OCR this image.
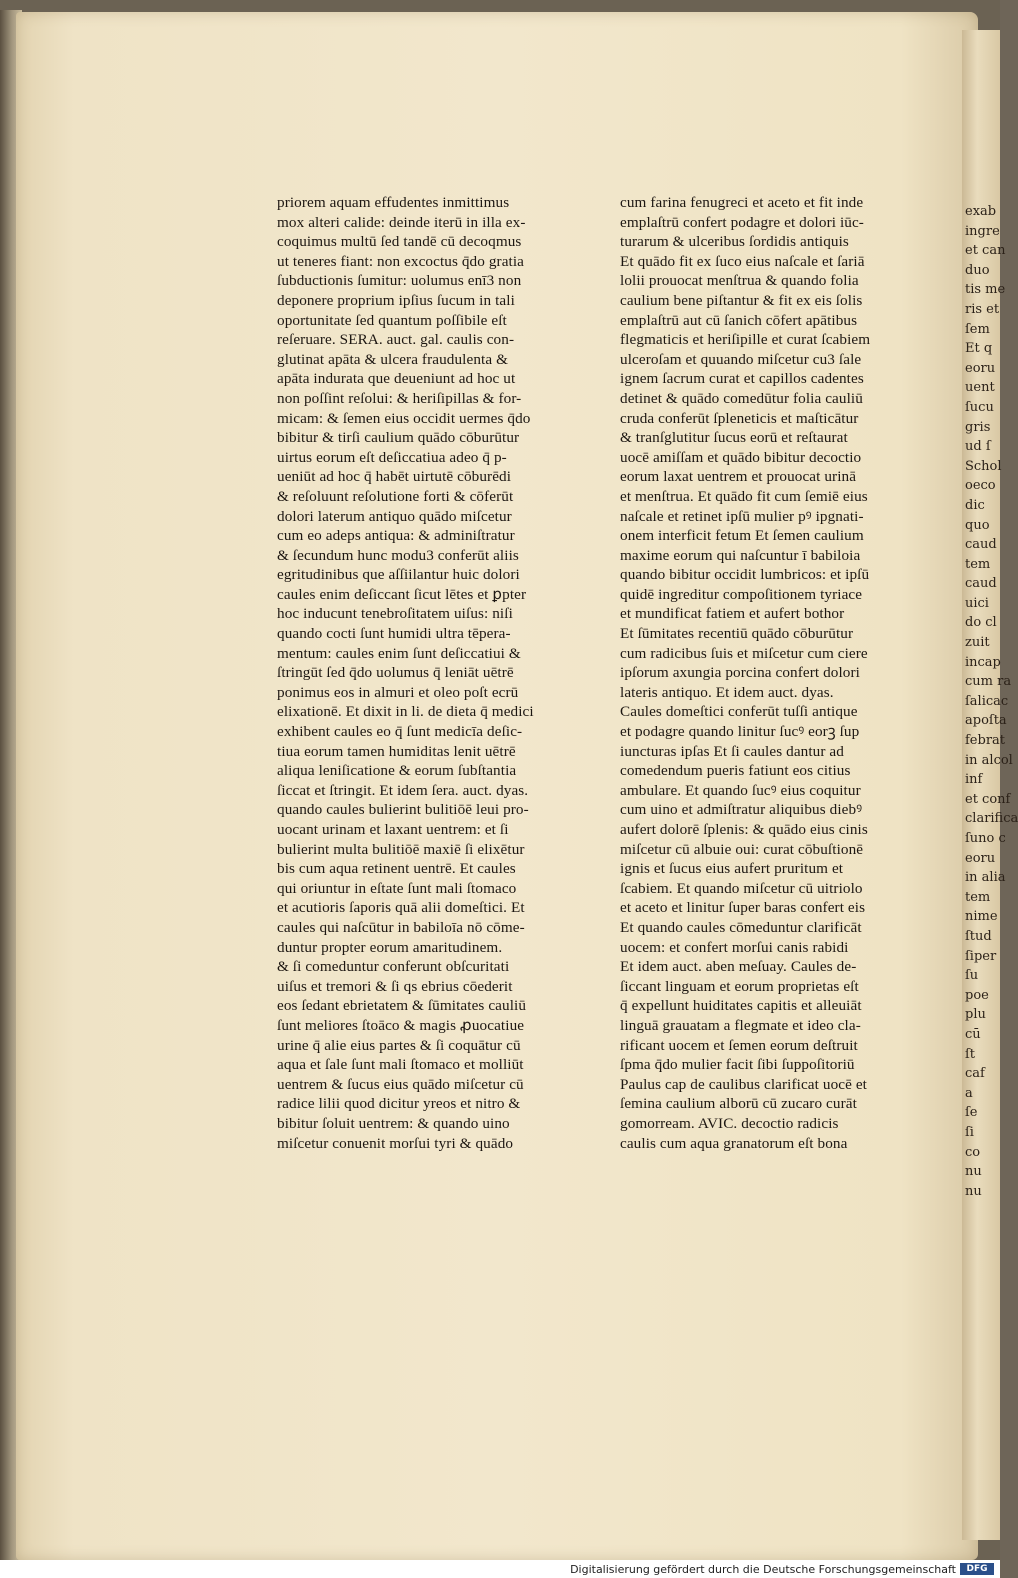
priorem aquam effudentes inmittimus
mox alteri calide: deinde iterū in illa ex-
coquimus multū ſed tandē cū decoqmus
ut teneres fiant: non excoctus q̄do gratia
ſubductionis ſumitur: uolumus enī3 non
deponere proprium ipſius ſucum in tali
oportunitate ſed quantum poſſibile eſt
reſeruare. SERA. auct. gal. caulis con-
glutinat apāta & ulcera fraudulenta &
apāta indurata que deueniunt ad hoc ut
non poſſint reſolui: & heriſipillas & for-
micam: & ſemen eius occidit uermes q̄do
bibitur & tirſi caulium quādo cōburūtur
uirtus eorum eſt deſiccatiua adeo q̄ p-
ueniūt ad hoc q̄ habēt uirtutē cōburēdi
& reſoluunt reſolutione forti & cōferūt
dolori laterum antiquo quādo miſcetur
cum eo adeps antiqua: & adminiſtratur
& ſecundum hunc modu3 conferūt aliis
egritudinibus que aſſiilantur huic dolori
caules enim deſiccant ſicut lētes et ꝑpter
hoc inducunt tenebroſitatem uiſus: niſi
quando cocti ſunt humidi ultra tēpera-
mentum: caules enim ſunt deſiccatiui &
ſtringūt ſed q̄do uolumus q̄ leniāt uētrē
ponimus eos in almuri et oleo poſt ecrū
elixationē. Et dixit in li. de dieta q̄ medici
exhibent caules eo q̄ ſunt medicīa deſic-
tiua eorum tamen humiditas lenit uētrē
aliqua leniſicatione & eorum ſubſtantia
ſiccat et ſtringit. Et idem ſera. auct. dyas.
quando caules bulierint bulitiōē leui pro-
uocant urinam et laxant uentrem: et ſi
bulierint multa bulitiōē maxiē ſi elixētur
bis cum aqua retinent uentrē. Et caules
qui oriuntur in eſtate ſunt mali ſtomaco
et acutioris ſaporis quā alii domeſtici. Et
caules qui naſcūtur in babiloīa nō cōme-
duntur propter eorum amaritudinem.
& ſi comeduntur conferunt obſcuritati
uiſus et tremori & ſi qs ebrius cōederit
eos ſedant ebrietatem & ſūmitates cauliū
ſunt meliores ſtoāco & magis ꝓuocatiue
urine q̄ alie eius partes & ſi coquātur cū
aqua et ſale ſunt mali ſtomaco et molliūt
uentrem & ſucus eius quādo miſcetur cū
radice lilii quod dicitur yreos et nitro &
bibitur ſoluit uentrem: & quando uino
miſcetur conuenit morſui tyri & quādo
cum farina fenugreci et aceto et fit inde
emplaſtrū confert podagre et dolori iūc-
turarum & ulceribus ſordidis antiquis
Et quādo fit ex ſuco eius naſcale et ſariā
lolii prouocat menſtrua & quando folia
caulium bene piſtantur & fit ex eis ſolis
emplaſtrū aut cū ſanich cōfert apātibus
flegmaticis et heriſipille et curat ſcabiem
ulceroſam et quuando miſcetur cu3 ſale
ignem ſacrum curat et capillos cadentes
detinet & quādo comedūtur folia cauliū
cruda conferūt ſpleneticis et maſticātur
& tranſglutitur ſucus eorū et reſtaurat
uocē amiſſam et quādo bibitur decoctio
eorum laxat uentrem et prouocat urinā
et menſtrua. Et quādo fit cum ſemiē eius
naſcale et retinet ipſū mulier pꝰ ipgnati-
onem interficit fetum Et ſemen caulium
maxime eorum qui naſcuntur ī babiloia
quando bibitur occidit lumbricos: et ipſū
quidē ingreditur compoſitionem tyriace
et mundificat fatiem et aufert bothor
Et ſūmitates recentiū quādo cōburūtur
cum radicibus ſuis et miſcetur cum ciere
ipſorum axungia porcina confert dolori
lateris antiquo. Et idem auct. dyas.
Caules domeſtici conferūt tuſſi antique
et podagre quando linitur ſucꝰ eorꝫ ſup
iuncturas ipſas Et ſi caules dantur ad
comedendum pueris fatiunt eos citius
ambulare. Et quando ſucꝰ eius coquitur
cum uino et admiſtratur aliquibus diebꝰ
aufert dolorē ſplenis: & quādo eius cinis
miſcetur cū albuie oui: curat cōbuſtionē
ignis et ſucus eius aufert pruritum et
ſcabiem. Et quando miſcetur cū uitriolo
et aceto et linitur ſuper baras confert eis
Et quando caules cōmeduntur clarificāt
uocem: et confert morſui canis rabidi
Et idem auct. aben meſuay. Caules de-
ſiccant linguam et eorum proprietas eſt
q̄ expellunt huiditates capitis et alleuiāt
linguā grauatam a flegmate et ideo cla-
rificant uocem et ſemen eorum deſtruit
ſpma q̄do mulier facit ſibi ſuppoſitoriū
Paulus cap de caulibus clarificat uocē et
ſemina caulium alborū cū zucaro curāt
gomorream. AVIC. decoctio radicis
caulis cum aqua granatorum eſt bona
exab
ingre
et can
duo
tis me
ris et
ſem
Et q
eoru
uent
ſucu
gris
ud ſ
Schol
oeco
dic
quo
caud
tem
caud
uici
do cl
zuit
incap
cum ra
ſalicac
apoſta
febrat
in alcol
inf
et conf
clarifica
ſuno c
eoru
in alia
tem
nime
ſtud
ſiper
ſu
poe
plu
cū
ſt
caf
a
ſe
ſi
co
nu
nu
Digitalisierung gefördert durch die Deutsche Forschungsgemeinschaft	DFG
